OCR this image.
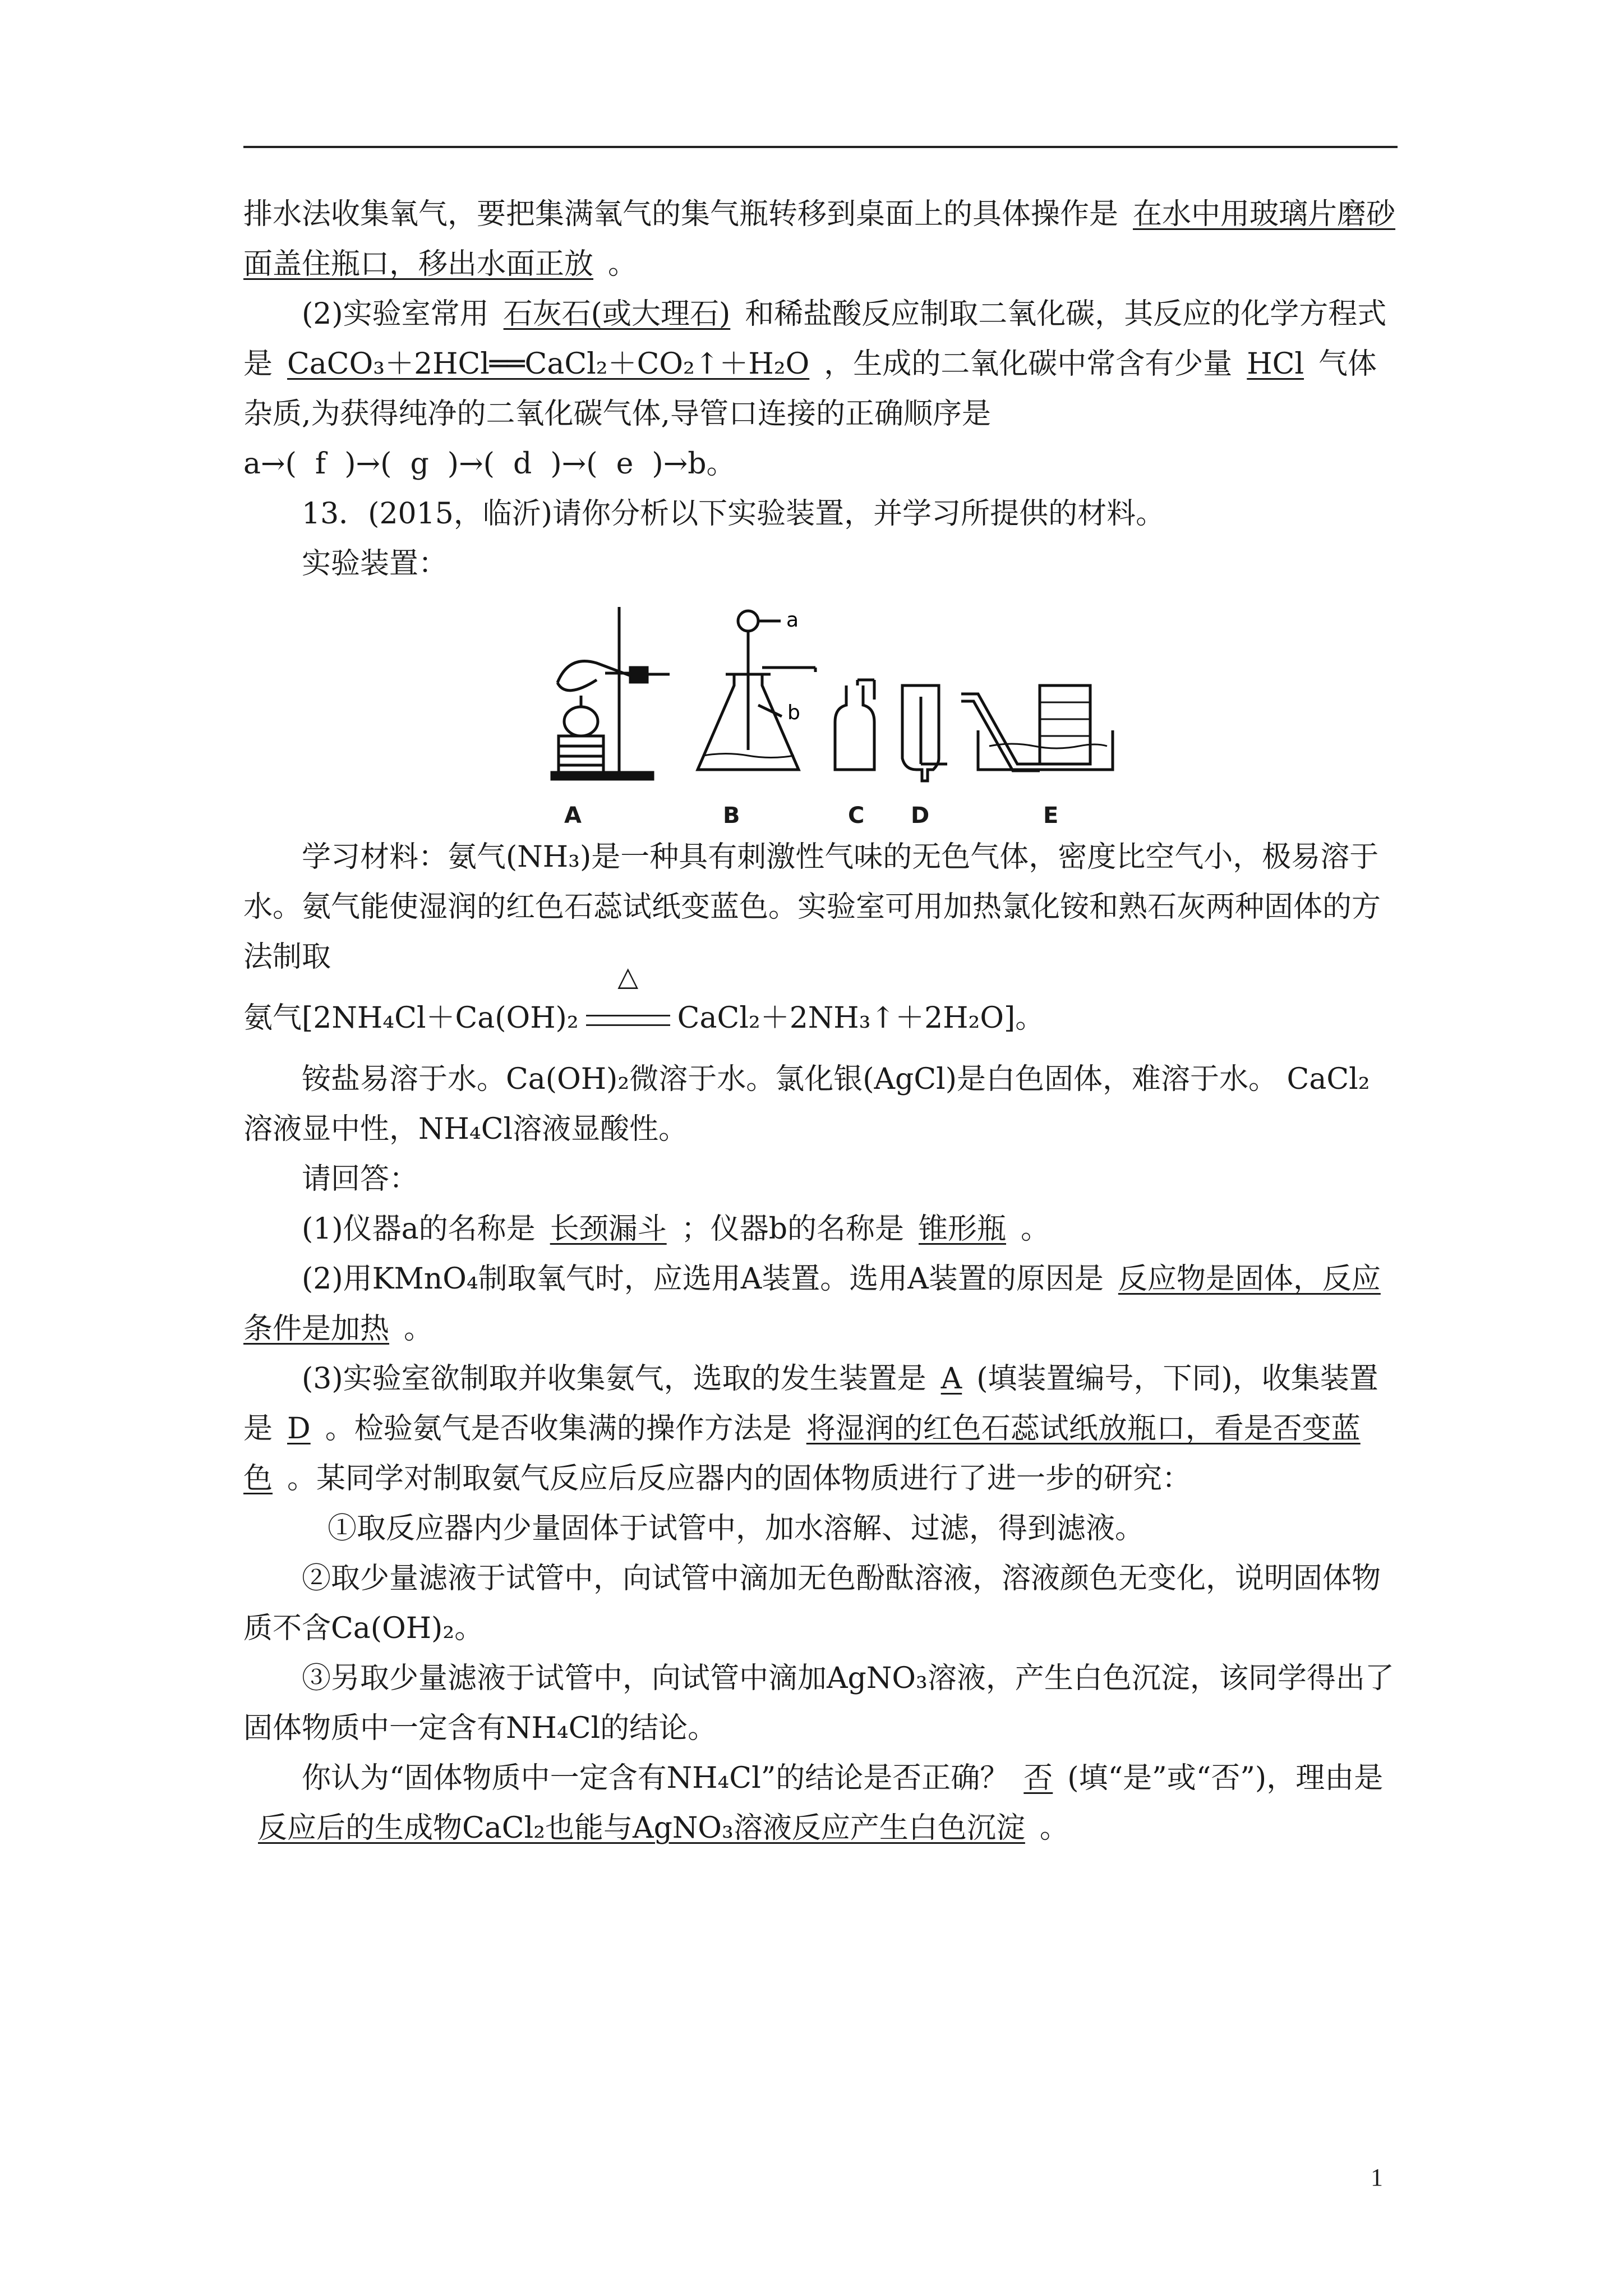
排水法收集氧气，要把集满氧气的集气瓶转移到桌面上的具体操作是 在水中用玻璃片磨砂面盖住瓶口，移出水面正放 。

(2)实验室常用 石灰石(或大理石) 和稀盐酸反应制取二氧化碳，其反应的化学方程式是 CaCO₃＋2HCl══CaCl₂＋CO₂↑＋H₂O ，生成的二氧化碳中常含有少量 HCl 气体杂质,为获得纯净的二氧化碳气体,导管口连接的正确顺序是a→( f  )→(  g  )→(  d  )→(  e )→b。

13．(2015，临沂)请你分析以下实验装置，并学习所提供的材料。

实验装置：

a
b
A	B	C D	E

学习材料：氨气(NH₃)是一种具有刺激性气味的无色气体，密度比空气小，极易溶于水。氨气能使湿润的红色石蕊试纸变蓝色。实验室可用加热氯化铵和熟石灰两种固体的方法制取

氨气[2NH₄Cl＋Ca(OH)₂
△
CaCl₂＋2NH₃↑＋2H₂O]。

铵盐易溶于水。Ca(OH)₂微溶于水。氯化银(AgCl)是白色固体，难溶于水。 CaCl₂溶液显中性，NH₄Cl溶液显酸性。

请回答：

(1)仪器a的名称是 长颈漏斗 ；仪器b的名称是 锥形瓶 。

(2)用KMnO₄制取氧气时，应选用A装置。选用A装置的原因是 反应物是固体，反应条件是加热 。

(3)实验室欲制取并收集氨气，选取的发生装置是 A (填装置编号，下同)，收集装置是 D 。检验氨气是否收集满的操作方法是 将湿润的红色石蕊试纸放瓶口，看是否变蓝色 。某同学对制取氨气反应后反应器内的固体物质进行了进一步的研究：

①取反应器内少量固体于试管中，加水溶解、过滤，得到滤液。

②取少量滤液于试管中，向试管中滴加无色酚酞溶液，溶液颜色无变化，说明固体物质不含Ca(OH)₂。

③另取少量滤液于试管中，向试管中滴加AgNO₃溶液，产生白色沉淀，该同学得出了固体物质中一定含有NH₄Cl的结论。

你认为“固体物质中一定含有NH₄Cl”的结论是否正确？ 否 (填“是”或“否”)，理由是反应后的生成物CaCl₂也能与AgNO₃溶液反应产生白色沉淀 。

1
